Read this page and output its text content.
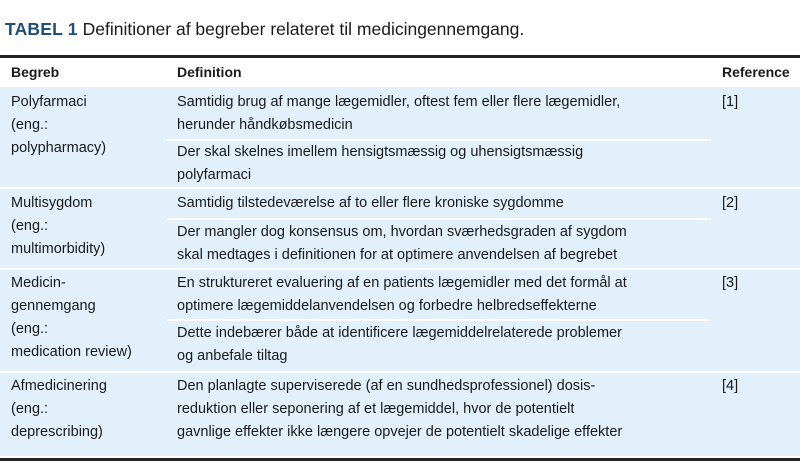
TABEL 1 Definitioner af begreber relateret til medicingennemgang.
Begreb	Definition	Reference
Polyfarmaci
(eng.:
polypharmacy)
Samtidig brug af mange lægemidler, oftest fem eller flere lægemidler,
herunder håndkøbsmedicin
Der skal skelnes imellem hensigtsmæssig og uhensigtsmæssig
polyfarmaci
[1]
Multisygdom
(eng.:
multimorbidity)
Samtidig tilstedeværelse af to eller flere kroniske sygdomme
Der mangler dog konsensus om, hvordan sværhedsgraden af sygdom
skal medtages i definitionen for at optimere anvendelsen af begrebet
[2]
Medicin-
gennemgang
(eng.:
medication review)
En struktureret evaluering af en patients lægemidler med det formål at
optimere lægemiddelanvendelsen og forbedre helbredseffekterne
Dette indebærer både at identificere lægemiddelrelaterede problemer
og anbefale tiltag
[3]
Afmedicinering
(eng.:
deprescribing)
Den planlagte superviserede (af en sundhedsprofessionel) dosis-
reduktion eller seponering af et lægemiddel, hvor de potentielt
gavnlige effekter ikke længere opvejer de potentielt skadelige effekter
[4]
